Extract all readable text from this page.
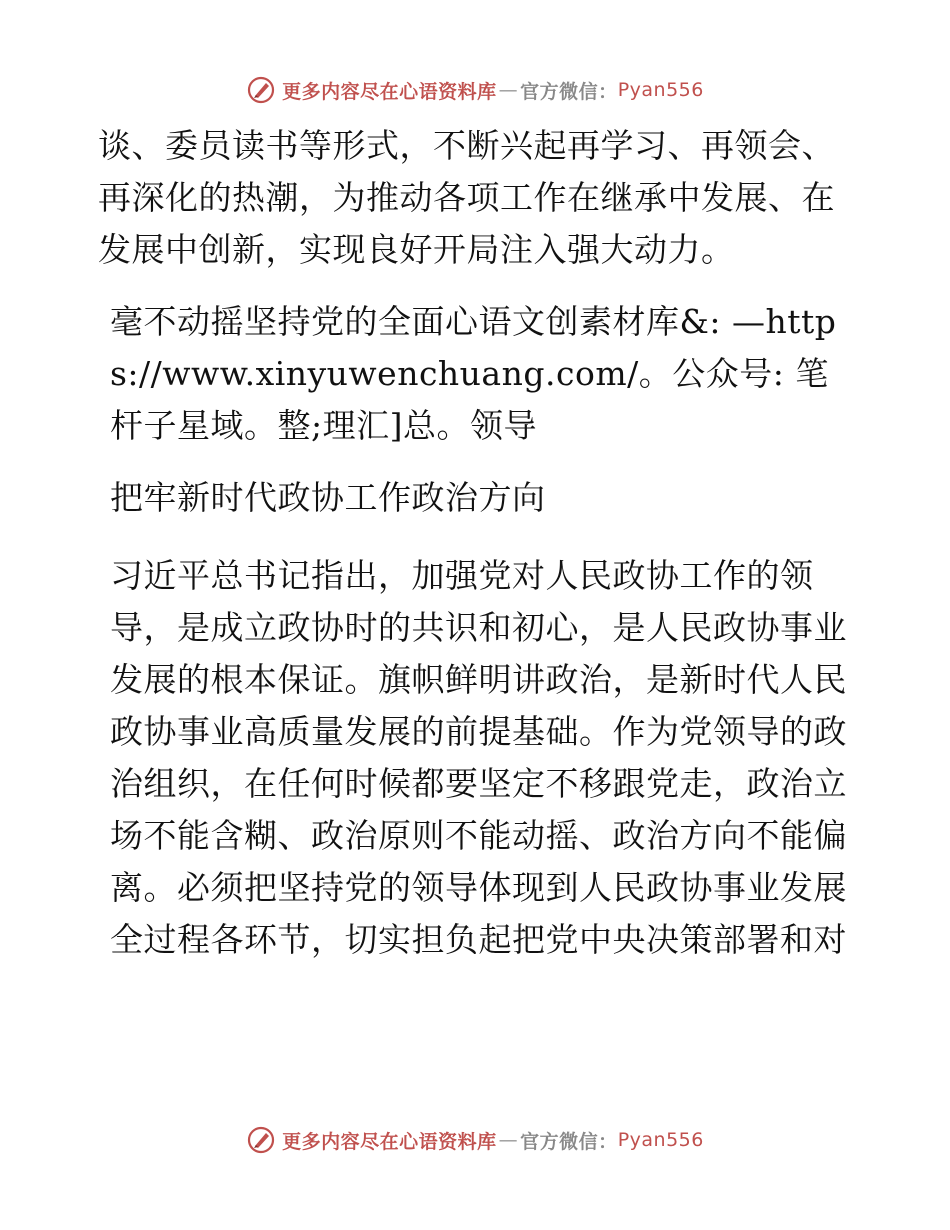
更多内容尽在心语资料库 — 官方微信： Pyan556

谈、委员读书等形式，不断兴起再学习、再领会、再深化的热潮，为推动各项工作在继承中发展、在发展中创新，实现良好开局注入强大动力。

毫不动摇坚持党的全面心语文创素材库&: —https://www.xinyuwenchuang.com/。公众号: 笔杆子星域。整;理汇]总。领导

把牢新时代政协工作政治方向

习近平总书记指出，加强党对人民政协工作的领导，是成立政协时的共识和初心，是人民政协事业发展的根本保证。旗帜鲜明讲政治，是新时代人民政协事业高质量发展的前提基础。作为党领导的政治组织，在任何时候都要坚定不移跟党走，政治立场不能含糊、政治原则不能动摇、政治方向不能偏离。必须把坚持党的领导体现到人民政协事业发展全过程各环节，切实担负起把党中央决策部署和对

更多内容尽在心语资料库 — 官方微信： Pyan556
